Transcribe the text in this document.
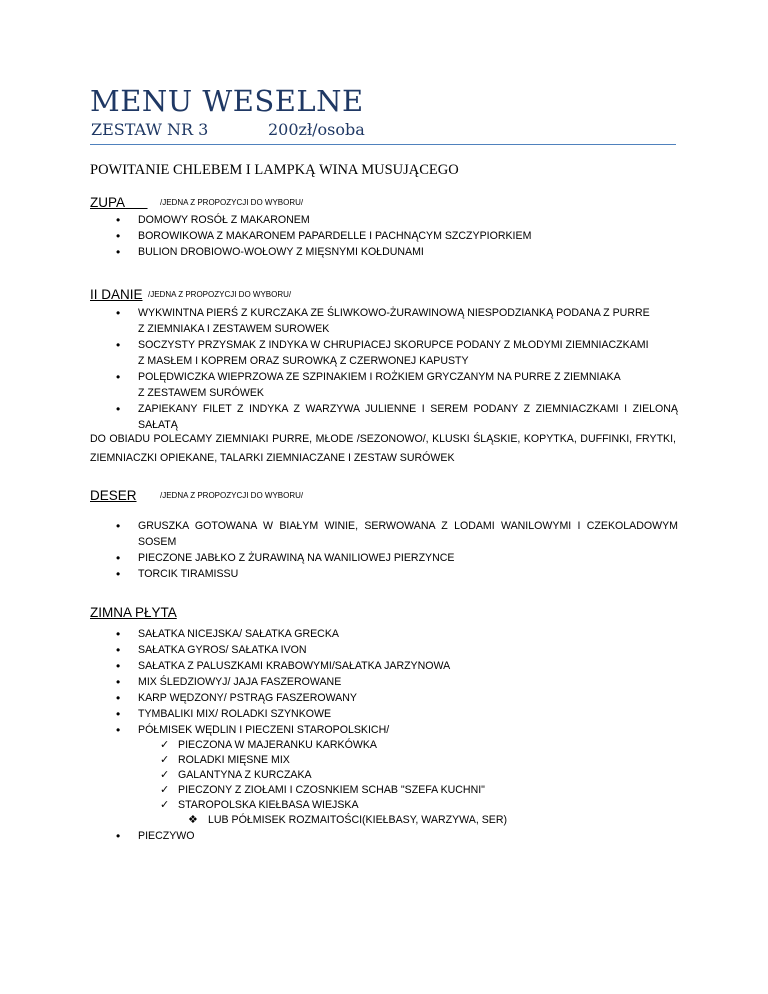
MENU WESELNE
ZESTAW NR 3	200zł/osoba
POWITANIE CHLEBEM I LAMPKĄ WINA MUSUJĄCEGO
ZUPA	/JEDNA Z PROPOZYCJI DO WYBORU/
• DOMOWY ROSÓŁ Z MAKARONEM
• BOROWIKOWA Z MAKARONEM PAPARDELLE I PACHNĄCYM SZCZYPIORKIEM
• BULION DROBIOWO-WOŁOWY Z MIĘSNYMI KOŁDUNAMI
II DANIE /JEDNA Z PROPOZYCJI DO WYBORU/
• WYKWINTNA PIERŚ Z KURCZAKA ZE ŚLIWKOWO-ŻURAWINOWĄ NIESPODZIANKĄ PODANA Z PURRE
Z ZIEMNIAKA I ZESTAWEM SUROWEK
• SOCZYSTY PRZYSMAK Z INDYKA W CHRUPIACEJ SKORUPCE PODANY Z MŁODYMI ZIEMNIACZKAMI
Z MASŁEM I KOPREM ORAZ SUROWKĄ Z CZERWONEJ KAPUSTY
• POLĘDWICZKA WIEPRZOWA ZE SZPINAKIEM I ROŻKIEM GRYCZANYM NA PURRE Z ZIEMNIAKA
Z ZESTAWEM SURÓWEK
• ZAPIEKANY FILET Z INDYKA Z WARZYWA JULIENNE I SEREM PODANY Z ZIEMNIACZKAMI I ZIELONĄ
SAŁATĄ
DO OBIADU POLECAMY ZIEMNIAKI PURRE, MŁODE /SEZONOWO/, KLUSKI ŚLĄSKIE, KOPYTKA, DUFFINKI, FRYTKI,
ZIEMNIACZKI OPIEKANE, TALARKI ZIEMNIACZANE I ZESTAW SURÓWEK
DESER	/JEDNA Z PROPOZYCJI DO WYBORU/
• GRUSZKA GOTOWANA W BIAŁYM WINIE, SERWOWANA Z LODAMI WANILOWYMI I CZEKOLADOWYM
SOSEM
• PIECZONE JABŁKO Z ŻURAWINĄ NA WANILIOWEJ PIERZYNCE
• TORCIK TIRAMISSU
ZIMNA PŁYTA
• SAŁATKA NICEJSKA/ SAŁATKA GRECKA
• SAŁATKA GYROS/ SAŁATKA IVON
• SAŁATKA Z PALUSZKAMI KRABOWYMI/SAŁATKA JARZYNOWA
• MIX ŚLEDZIOWYJ/ JAJA FASZEROWANE
• KARP WĘDZONY/ PSTRĄG FASZEROWANY
• TYMBALIKI MIX/ ROLADKI SZYNKOWE
• PÓŁMISEK WĘDLIN I PIECZENI STAROPOLSKICH/
✓ PIECZONA W MAJERANKU KARKÓWKA
✓ ROLADKI MIĘSNE MIX
✓ GALANTYNA Z KURCZAKA
✓ PIECZONY Z ZIOŁAMI I CZOSNKIEM SCHAB "SZEFA KUCHNI"
✓ STAROPOLSKA KIEŁBASA WIEJSKA
❖ LUB PÓŁMISEK ROZMAITOŚCI(KIEŁBASY, WARZYWA, SER)
• PIECZYWO
